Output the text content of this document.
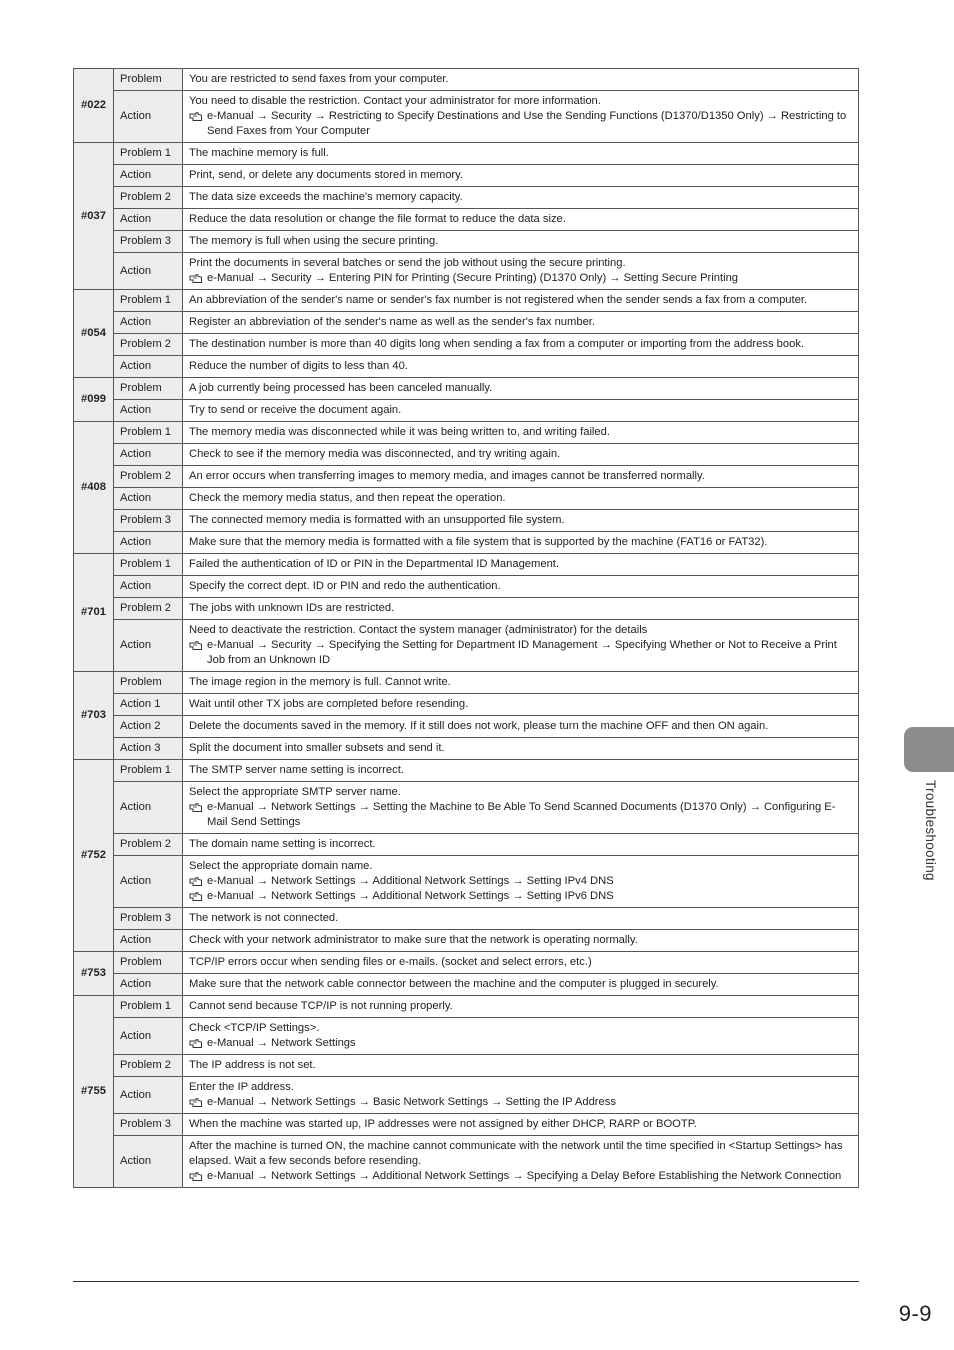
#022	Problem	You are restricted to send faxes from your computer.

	Action	You need to disable the restriction. Contact your administrator for more information.
e-Manual → Security → Restricting to Specify Destinations and Use the Sending Functions (D1370/D1350 Only) → Restricting to Send Faxes from Your Computer

#037	Problem 1	The machine memory is full.

	Action	Print, send, or delete any documents stored in memory.

	Problem 2	The data size exceeds the machine's memory capacity.

	Action	Reduce the data resolution or change the file format to reduce the data size.

	Problem 3	The memory is full when using the secure printing.

	Action	Print the documents in several batches or send the job without using the secure printing.
e-Manual → Security → Entering PIN for Printing (Secure Printing) (D1370 Only) → Setting Secure Printing

#054	Problem 1	An abbreviation of the sender's name or sender's fax number is not registered when the sender sends a fax from a computer.

	Action	Register an abbreviation of the sender's name as well as the sender's fax number.

	Problem 2	The destination number is more than 40 digits long when sending a fax from a computer or importing from the address book.

	Action	Reduce the number of digits to less than 40.

#099	Problem	A job currently being processed has been canceled manually.

	Action	Try to send or receive the document again.

#408	Problem 1	The memory media was disconnected while it was being written to, and writing failed.

	Action	Check to see if the memory media was disconnected, and try writing again.

	Problem 2	An error occurs when transferring images to memory media, and images cannot be transferred normally.

	Action	Check the memory media status, and then repeat the operation.

	Problem 3	The connected memory media is formatted with an unsupported file system.

	Action	Make sure that the memory media is formatted with a file system that is supported by the machine (FAT16 or FAT32).

#701	Problem 1	Failed the authentication of ID or PIN in the Departmental ID Management.

	Action	Specify the correct dept. ID or PIN and redo the authentication.

	Problem 2	The jobs with unknown IDs are restricted.

	Action	Need to deactivate the restriction. Contact the system manager (administrator) for the details
e-Manual → Security → Specifying the Setting for Department ID Management → Specifying Whether or Not to Receive a Print Job from an Unknown ID

#703	Problem	The image region in the memory is full. Cannot write.

	Action 1	Wait until other TX jobs are completed before resending.

	Action 2	Delete the documents saved in the memory. If it still does not work, please turn the machine OFF and then ON again.

	Action 3	Split the document into smaller subsets and send it.

#752	Problem 1	The SMTP server name setting is incorrect.

	Action	Select the appropriate SMTP server name.
e-Manual → Network Settings → Setting the Machine to Be Able To Send Scanned Documents (D1370 Only) → Configuring E-Mail Send Settings

	Problem 2	The domain name setting is incorrect.

	Action	Select the appropriate domain name.
e-Manual → Network Settings → Additional Network Settings → Setting IPv4 DNS
e-Manual → Network Settings → Additional Network Settings → Setting IPv6 DNS

	Problem 3	The network is not connected.

	Action	Check with your network administrator to make sure that the network is operating normally.

#753	Problem	TCP/IP errors occur when sending files or e-mails. (socket and select errors, etc.)

	Action	Make sure that the network cable connector between the machine and the computer is plugged in securely.

#755	Problem 1	Cannot send because TCP/IP is not running properly.

	Action	Check <TCP/IP Settings>.
e-Manual → Network Settings

	Problem 2	The IP address is not set.

	Action	Enter the IP address.
e-Manual → Network Settings → Basic Network Settings → Setting the IP Address

	Problem 3	When the machine was started up, IP addresses were not assigned by either DHCP, RARP or BOOTP.

	Action	After the machine is turned ON, the machine cannot communicate with the network until the time specified in <Startup Settings> has elapsed. Wait a few seconds before resending.
e-Manual → Network Settings → Additional Network Settings → Specifying a Delay Before Establishing the Network Connection
Troubleshooting
9-9
